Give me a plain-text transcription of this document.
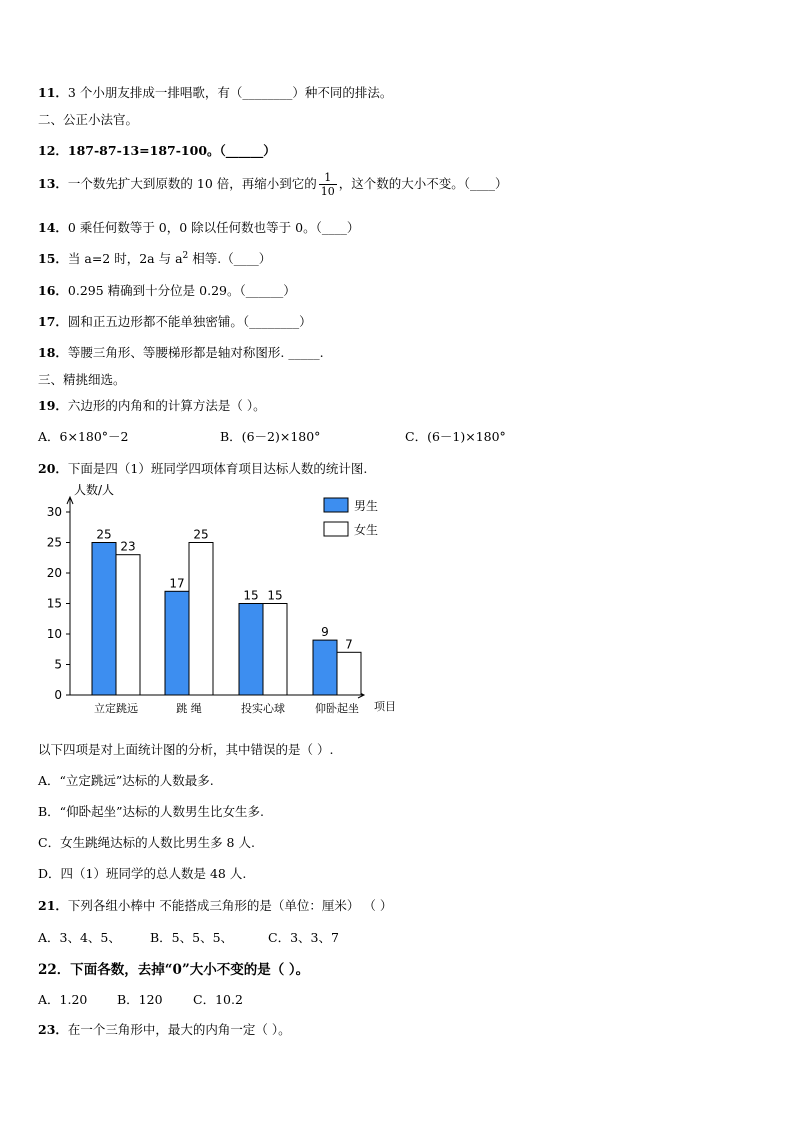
11．3 个小朋友排成一排唱歌，有（________）种不同的排法。
二、公正小法官。
12．187-87-13=187-100。（______）
13．一个数先扩大到原数的 10 倍，再缩小到它的 $\frac{1}{10}$ ，这个数的大小不变。（____）
14．0 乘任何数等于 0，0 除以任何数也等于 0。（____）
15．当 a=2 时，2a 与 $a^2$ 相等.（____）
16．0.295 精确到十分位是 0.29。（______）
17．圆和正五边形都不能单独密铺。（________）
18．等腰三角形、等腰梯形都是轴对称图形. _____.
三、精挑细选。
19．六边形的内角和的计算方法是（ ）。
A．6×180°－2	B．(6－2)×180°	C．(6－1)×180°
20．下面是四（1）班同学四项体育项目达标人数的统计图.
人数/人
项目
0
5
10
15
20
25
30
25
23
立定跳远
17
25
跳 绳
15 15
投实心球
9
7
仰卧起坐
男生
女生
以下四项是对上面统计图的分析，其中错误的是（ ）.
A．“立定跳远”达标的人数最多.
B．“仰卧起坐”达标的人数男生比女生多.
C．女生跳绳达标的人数比男生多 8 人.
D．四（1）班同学的总人数是 48 人.
21．下列各组小棒中 不能搭成三角形的是（单位：厘米） （ ）
A．3、4、5、 B．5、5、5、	C．3、3、7
22．下面各数，去掉“0”大小不变的是（ ）。
A．1.20 B．120 C．10.2
23．在一个三角形中，最大的内角一定（ ）。
